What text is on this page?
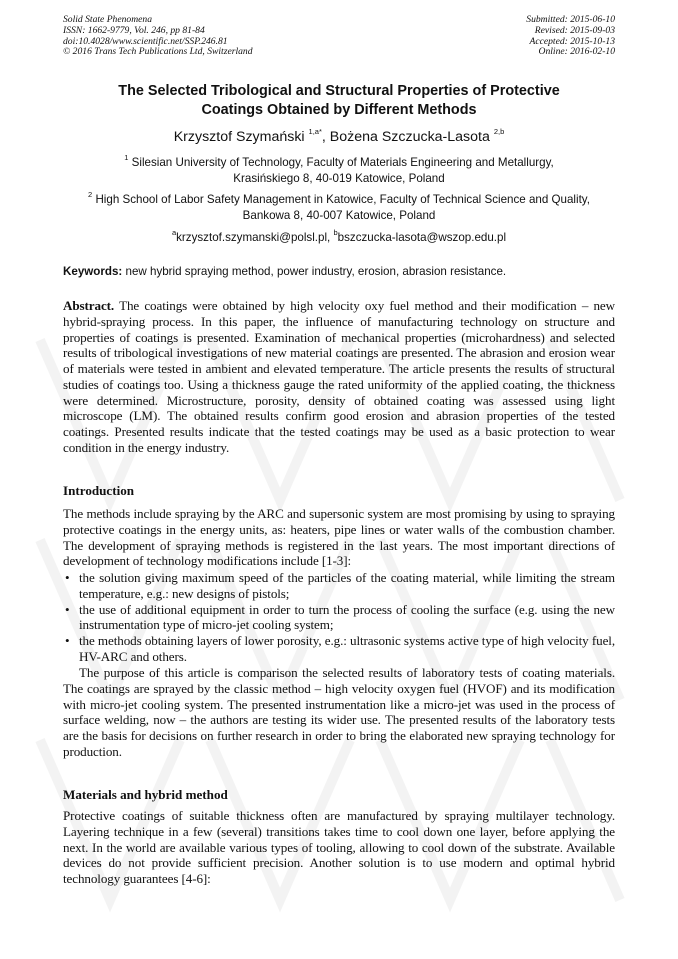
Solid State Phenomena
ISSN: 1662-9779, Vol. 246, pp 81-84
doi:10.4028/www.scientific.net/SSP.246.81
© 2016 Trans Tech Publications Ltd, Switzerland
Submitted: 2015-06-10
Revised: 2015-09-03
Accepted: 2015-10-13
Online: 2016-02-10
The Selected Tribological and Structural Properties of Protective
Coatings Obtained by Different Methods
Krzysztof Szymański $^{1,a*}$, Bożena Szczucka-Lasota $^{2,b}$
$^1$ Silesian University of Technology, Faculty of Materials Engineering and Metallurgy,
Krasińskiego 8, 40-019 Katowice, Poland
$^2$ High School of Labor Safety Management in Katowice, Faculty of Technical Science and Quality,
Bankowa 8, 40-007 Katowice, Poland
$^a$krzysztof.szymanski@polsl.pl, $^b$bszczucka-lasota@wszop.edu.pl
Keywords: new hybrid spraying method, power industry, erosion, abrasion resistance.

Abstract. The coatings were obtained by high velocity oxy fuel method and their modification – new hybrid-spraying process. In this paper, the influence of manufacturing technology on structure and properties of coatings is presented. Examination of mechanical properties (microhardness) and selected results of tribological investigations of new material coatings are presented. The abrasion and erosion wear of materials were tested in ambient and elevated temperature. The article presents the results of structural studies of coatings too. Using a thickness gauge the rated uniformity of the applied coating, the thickness were determined. Microstructure, porosity, density of obtained coating was assessed using light microscope (LM). The obtained results confirm good erosion and abrasion properties of the tested coatings. Presented results indicate that the tested coatings may be used as a basic protection to wear condition in the energy industry.

Introduction

The methods include spraying by the ARC and supersonic system are most promising by using to spraying protective coatings in the energy units, as: heaters, pipe lines or water walls of the combustion chamber. The development of spraying methods is registered in the last years. The most important directions of development of technology modifications include [1-3]:

• the solution giving maximum speed of the particles of the coating material, while limiting the stream temperature, e.g.: new designs of pistols;
• the use of additional equipment in order to turn the process of cooling the surface (e.g. using the new instrumentation type of micro-jet cooling system;
• the methods obtaining layers of lower porosity, e.g.: ultrasonic systems active type of high velocity fuel, HV-ARC and others.

The purpose of this article is comparison the selected results of laboratory tests of coating materials. The coatings are sprayed by the classic method – high velocity oxygen fuel (HVOF) and its modification with micro-jet cooling system. The presented instrumentation like a micro-jet was used in the process of surface welding, now – the authors are testing its wider use. The presented results of the laboratory tests are the basis for decisions on further research in order to bring the elaborated new spraying technology for production.

Materials and hybrid method

Protective coatings of suitable thickness often are manufactured by spraying multilayer technology. Layering technique in a few (several) transitions takes time to cool down one layer, before applying the next. In the world are available various types of tooling, allowing to cool down of the substrate. Available devices do not provide sufficient precision. Another solution is to use modern and optimal hybrid technology guarantees [4-6]:
